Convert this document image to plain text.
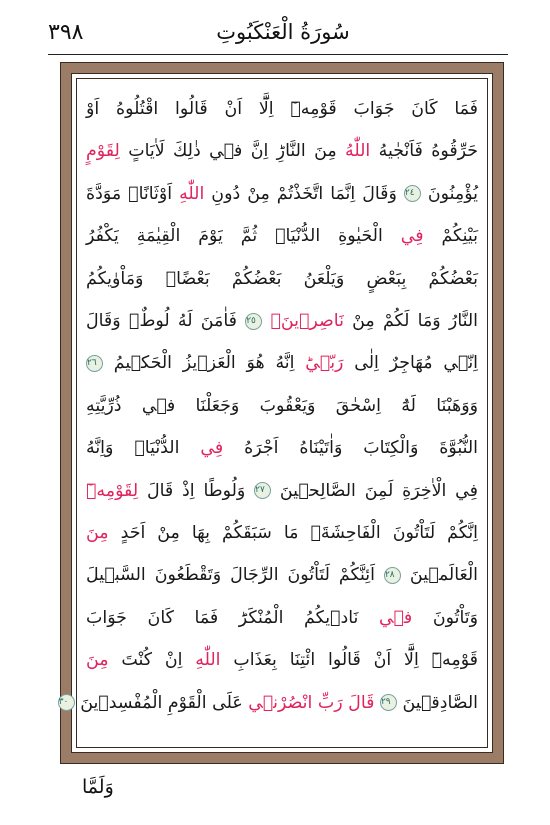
٣٩٨	سُورَةُ الْعَنْكَبُوتِ
فَمَا كَانَ جَوَابَ قَوْمِهٖٓ اِلَّٓا اَنْ قَالُوا اقْتُلُوهُ اَوْ
حَرِّقُوهُ فَاَنْجٰيهُ اللّٰهُ مِنَ النَّارِؕ اِنَّ ف۪ي ذٰلِكَ لَاٰيَاتٍ لِقَوْمٍ
يُؤْمِنُونَ ٢٤ وَقَالَ اِنَّمَا اتَّخَذْتُمْ مِنْ دُونِ اللّٰهِ اَوْثَانًاۙ مَوَدَّةَ
بَيْنِكُمْ فِي الْحَيٰوةِ الدُّنْيَاۚ ثُمَّ يَوْمَ الْقِيٰمَةِ يَكْفُرُ
بَعْضُكُمْ بِبَعْضٍ وَيَلْعَنُ بَعْضُكُمْ بَعْضًاۘ وَمَاْوٰيكُمُ
النَّارُ وَمَا لَكُمْ مِنْ نَاصِر۪ينَۗ ٢٥ فَاٰمَنَ لَهُ لُوطٌۢ وَقَالَ
اِنّ۪ي مُهَاجِرٌ اِلٰى رَبّ۪يؕ اِنَّهُ هُوَ الْعَز۪يزُ الْحَك۪يمُ ٢٦
وَوَهَبْنَا لَهُٓ اِسْحٰقَ وَيَعْقُوبَ وَجَعَلْنَا ف۪ي ذُرِّيَّتِهِ
النُّبُوَّةَ وَالْكِتَابَ وَاٰتَيْنَاهُ اَجْرَهُ فِي الدُّنْيَاۚ وَاِنَّهُ
فِي الْاٰخِرَةِ لَمِنَ الصَّالِح۪ينَ ٢٧ وَلُوطًا اِذْ قَالَ لِقَوْمِه۪ٓ
اِنَّكُمْ لَتَاْتُونَ الْفَاحِشَةَۘ مَا سَبَقَكُمْ بِهَا مِنْ اَحَدٍ مِنَ
الْعَالَم۪ينَ ٢٨ اَئِنَّكُمْ لَتَاْتُونَ الرِّجَالَ وَتَقْطَعُونَ السَّب۪يلَ
وَتَاْتُونَ ف۪ي نَادٖيكُمُ الْمُنْكَرَؕ فَمَا كَانَ جَوَابَ
قَوْمِه۪ٓ اِلَّٓا اَنْ قَالُوا ائْتِنَا بِعَذَابِ اللّٰهِ اِنْ كُنْتَ مِنَ
الصَّادِق۪ينَ ٢٩ قَالَ رَبِّ انْصُرْن۪ي عَلَى الْقَوْمِ الْمُفْسِد۪ينَ ٣٠
وَلَمَّا
